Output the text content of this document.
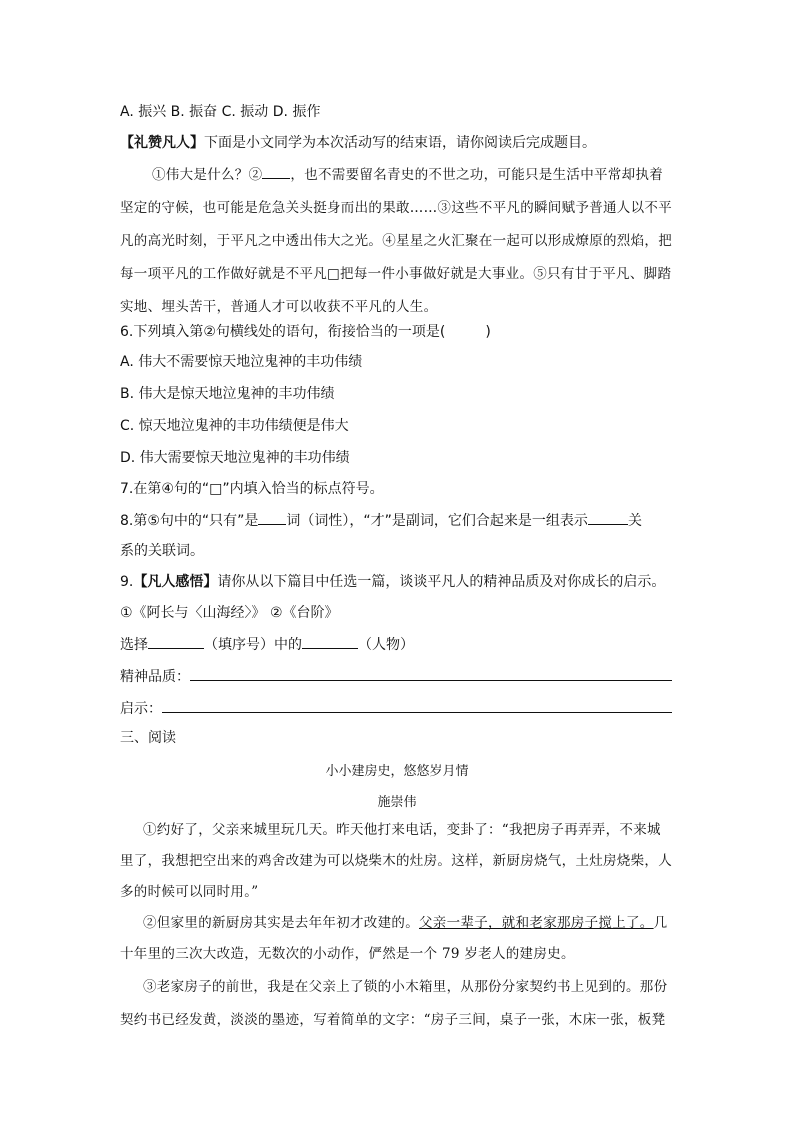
A. 振兴 B. 振奋 C. 振动 D. 振作
【礼赞凡人】下面是小文同学为本次活动写的结束语，请你阅读后完成题目。
①伟大是什么？② ，也不需要留名青史的不世之功，可能只是生活中平常却执着
坚定的守候，也可能是危急关头挺身而出的果敢……③这些不平凡的瞬间赋予普通人以不平
凡的高光时刻，于平凡之中透出伟大之光。④星星之火汇聚在一起可以形成燎原的烈焰，把
每一项平凡的工作做好就是不平凡□把每一件小事做好就是大事业。⑤只有甘于平凡、脚踏
实地、埋头苦干，普通人才可以收获不平凡的人生。
6.下列填入第②句横线处的语句，衔接恰当的一项是(	)
A. 伟大不需要惊天地泣鬼神的丰功伟绩
B. 伟大是惊天地泣鬼神的丰功伟绩
C. 惊天地泣鬼神的丰功伟绩便是伟大
D. 伟大需要惊天地泣鬼神的丰功伟绩
7.在第④句的“□”内填入恰当的标点符号。
8.第⑤句中的“只有”是 词（词性），“才”是副词，它们合起来是一组表示	关
系的关联词。
9.【凡人感悟】请你从以下篇目中任选一篇，谈谈平凡人的精神品质及对你成长的启示。
①《阿长与〈山海经〉》 ②《台阶》
选择	（填序号）中的	（人物）
精神品质：
启示：
三、阅读
小小建房史，悠悠岁月情
施崇伟
①约好了，父亲来城里玩几天。昨天他打来电话，变卦了：“我把房子再弄弄，不来城
里了，我想把空出来的鸡舍改建为可以烧柴木的灶房。这样，新厨房烧气，土灶房烧柴，人
多的时候可以同时用。”
②但家里的新厨房其实是去年年初才改建的。父亲一辈子，就和老家那房子搅上了。几
十年里的三次大改造，无数次的小动作，俨然是一个 79 岁老人的建房史。
③老家房子的前世，我是在父亲上了锁的小木箱里，从那份分家契约书上见到的。那份
契约书已经发黄，淡淡的墨迹，写着简单的文字：“房子三间，桌子一张，木床一张，板凳
